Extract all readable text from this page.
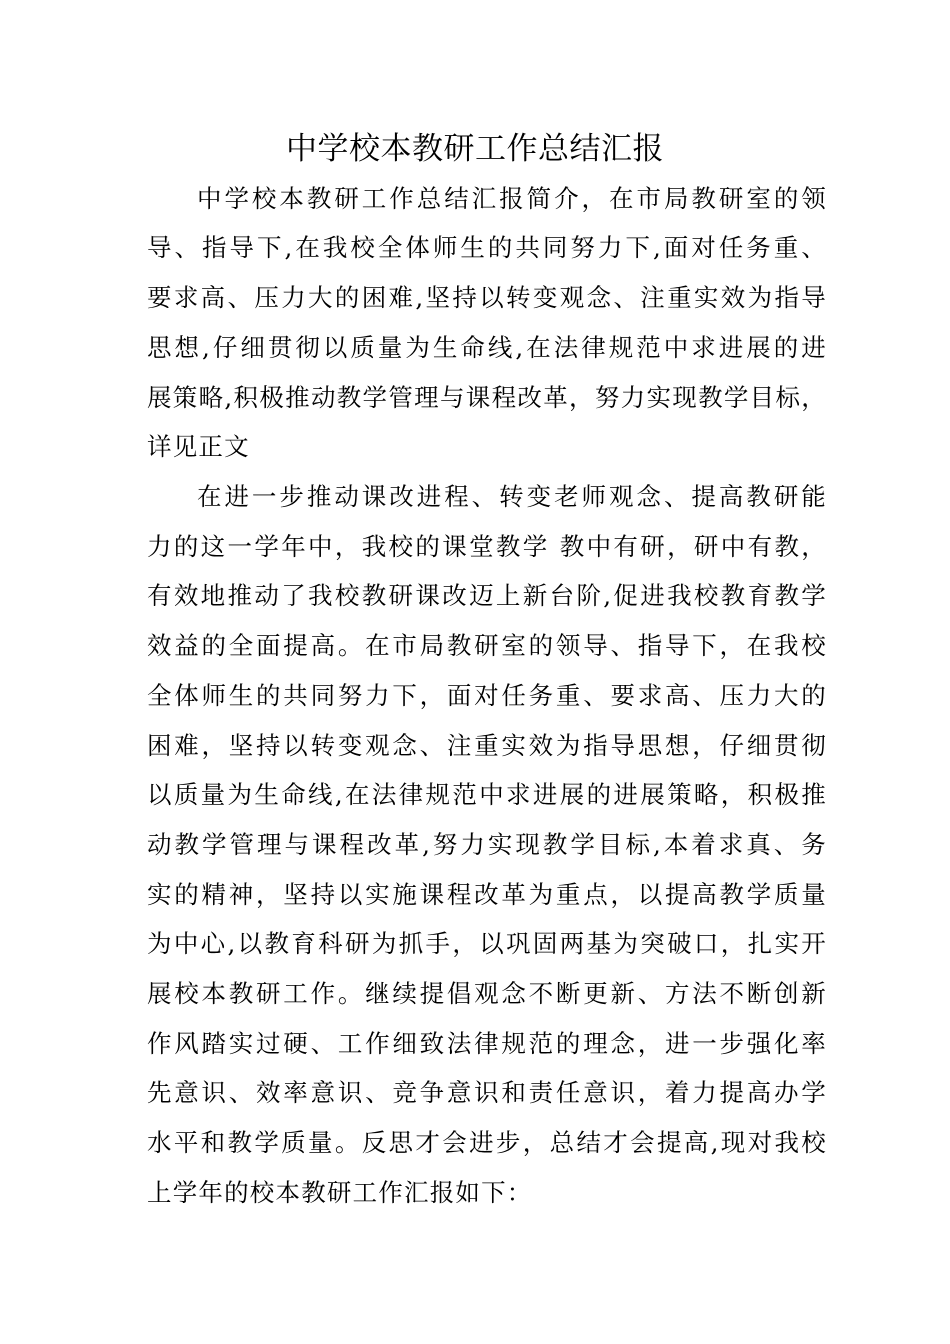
中学校本教研工作总结汇报
中学校本教研工作总结汇报简介，在市局教研室的领
导、指导下,在我校全体师生的共同努力下,面对任务重、
要求高、压力大的困难,坚持以转变观念、注重实效为指导
思想,仔细贯彻以质量为生命线,在法律规范中求进展的进
展策略,积极推动教学管理与课程改革，努力实现教学目标，
详见正文
在进一步推动课改进程、转变老师观念、提高教研能
力的这一学年中，我校的课堂教学 教中有研，研中有教，
有效地推动了我校教研课改迈上新台阶,促进我校教育教学
效益的全面提高。在市局教研室的领导、指导下，在我校
全体师生的共同努力下，面对任务重、要求高、压力大的
困难，坚持以转变观念、注重实效为指导思想，仔细贯彻
以质量为生命线,在法律规范中求进展的进展策略，积极推
动教学管理与课程改革,努力实现教学目标,本着求真、务
实的精神，坚持以实施课程改革为重点，以提高教学质量
为中心,以教育科研为抓手，以巩固两基为突破口，扎实开
展校本教研工作。继续提倡观念不断更新、方法不断创新
作风踏实过硬、工作细致法律规范的理念，进一步强化率
先意识、效率意识、竞争意识和责任意识，着力提高办学
水平和教学质量。反思才会进步，总结才会提高,现对我校
上学年的校本教研工作汇报如下：
